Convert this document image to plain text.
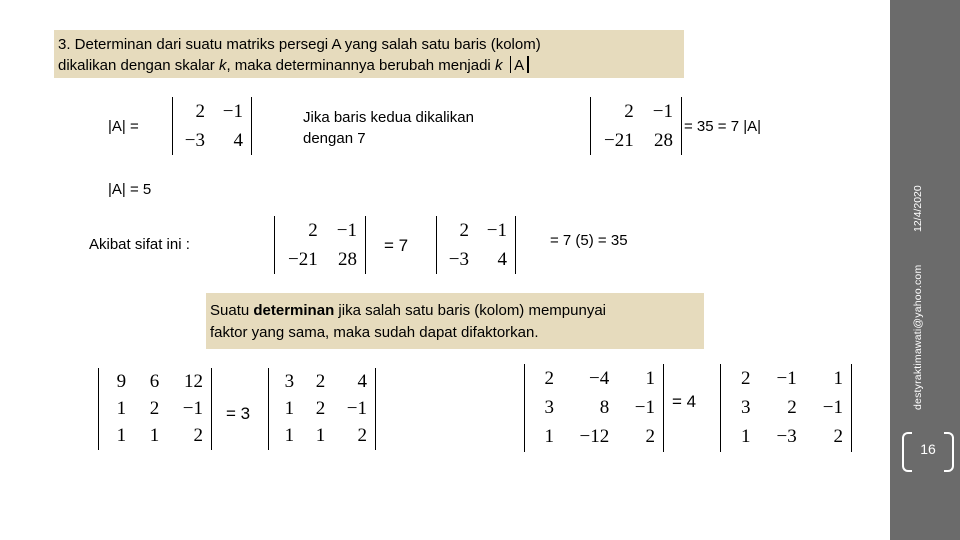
destyraktimawati@yahoo.com
12/4/2020
16
3. Determinan dari suatu matriks persegi A yang salah satu baris (kolom)
dikalikan dengan skalar k, maka determinannya berubah menjadi k A
|A| =
2 −1
−3 4
Jika baris kedua dikalikan
dengan 7
2 −1
−21 28
= 35 = 7 |A|
|A| = 5
Akibat sifat ini :
2 −1
−21 28
= 7
2 −1
−3 4
= 7 (5) = 35
Suatu determinan jika salah satu baris (kolom) mempunyai
faktor yang sama, maka sudah dapat difaktorkan.
9 6 12
1 2 −1
1 1 2
= 3
3 2 4
1 2 −1
1 1 2
2 −4 1
3 8 −1
1 −12 2
= 4
2 −1 1
3 2 −1
1 −3 2
